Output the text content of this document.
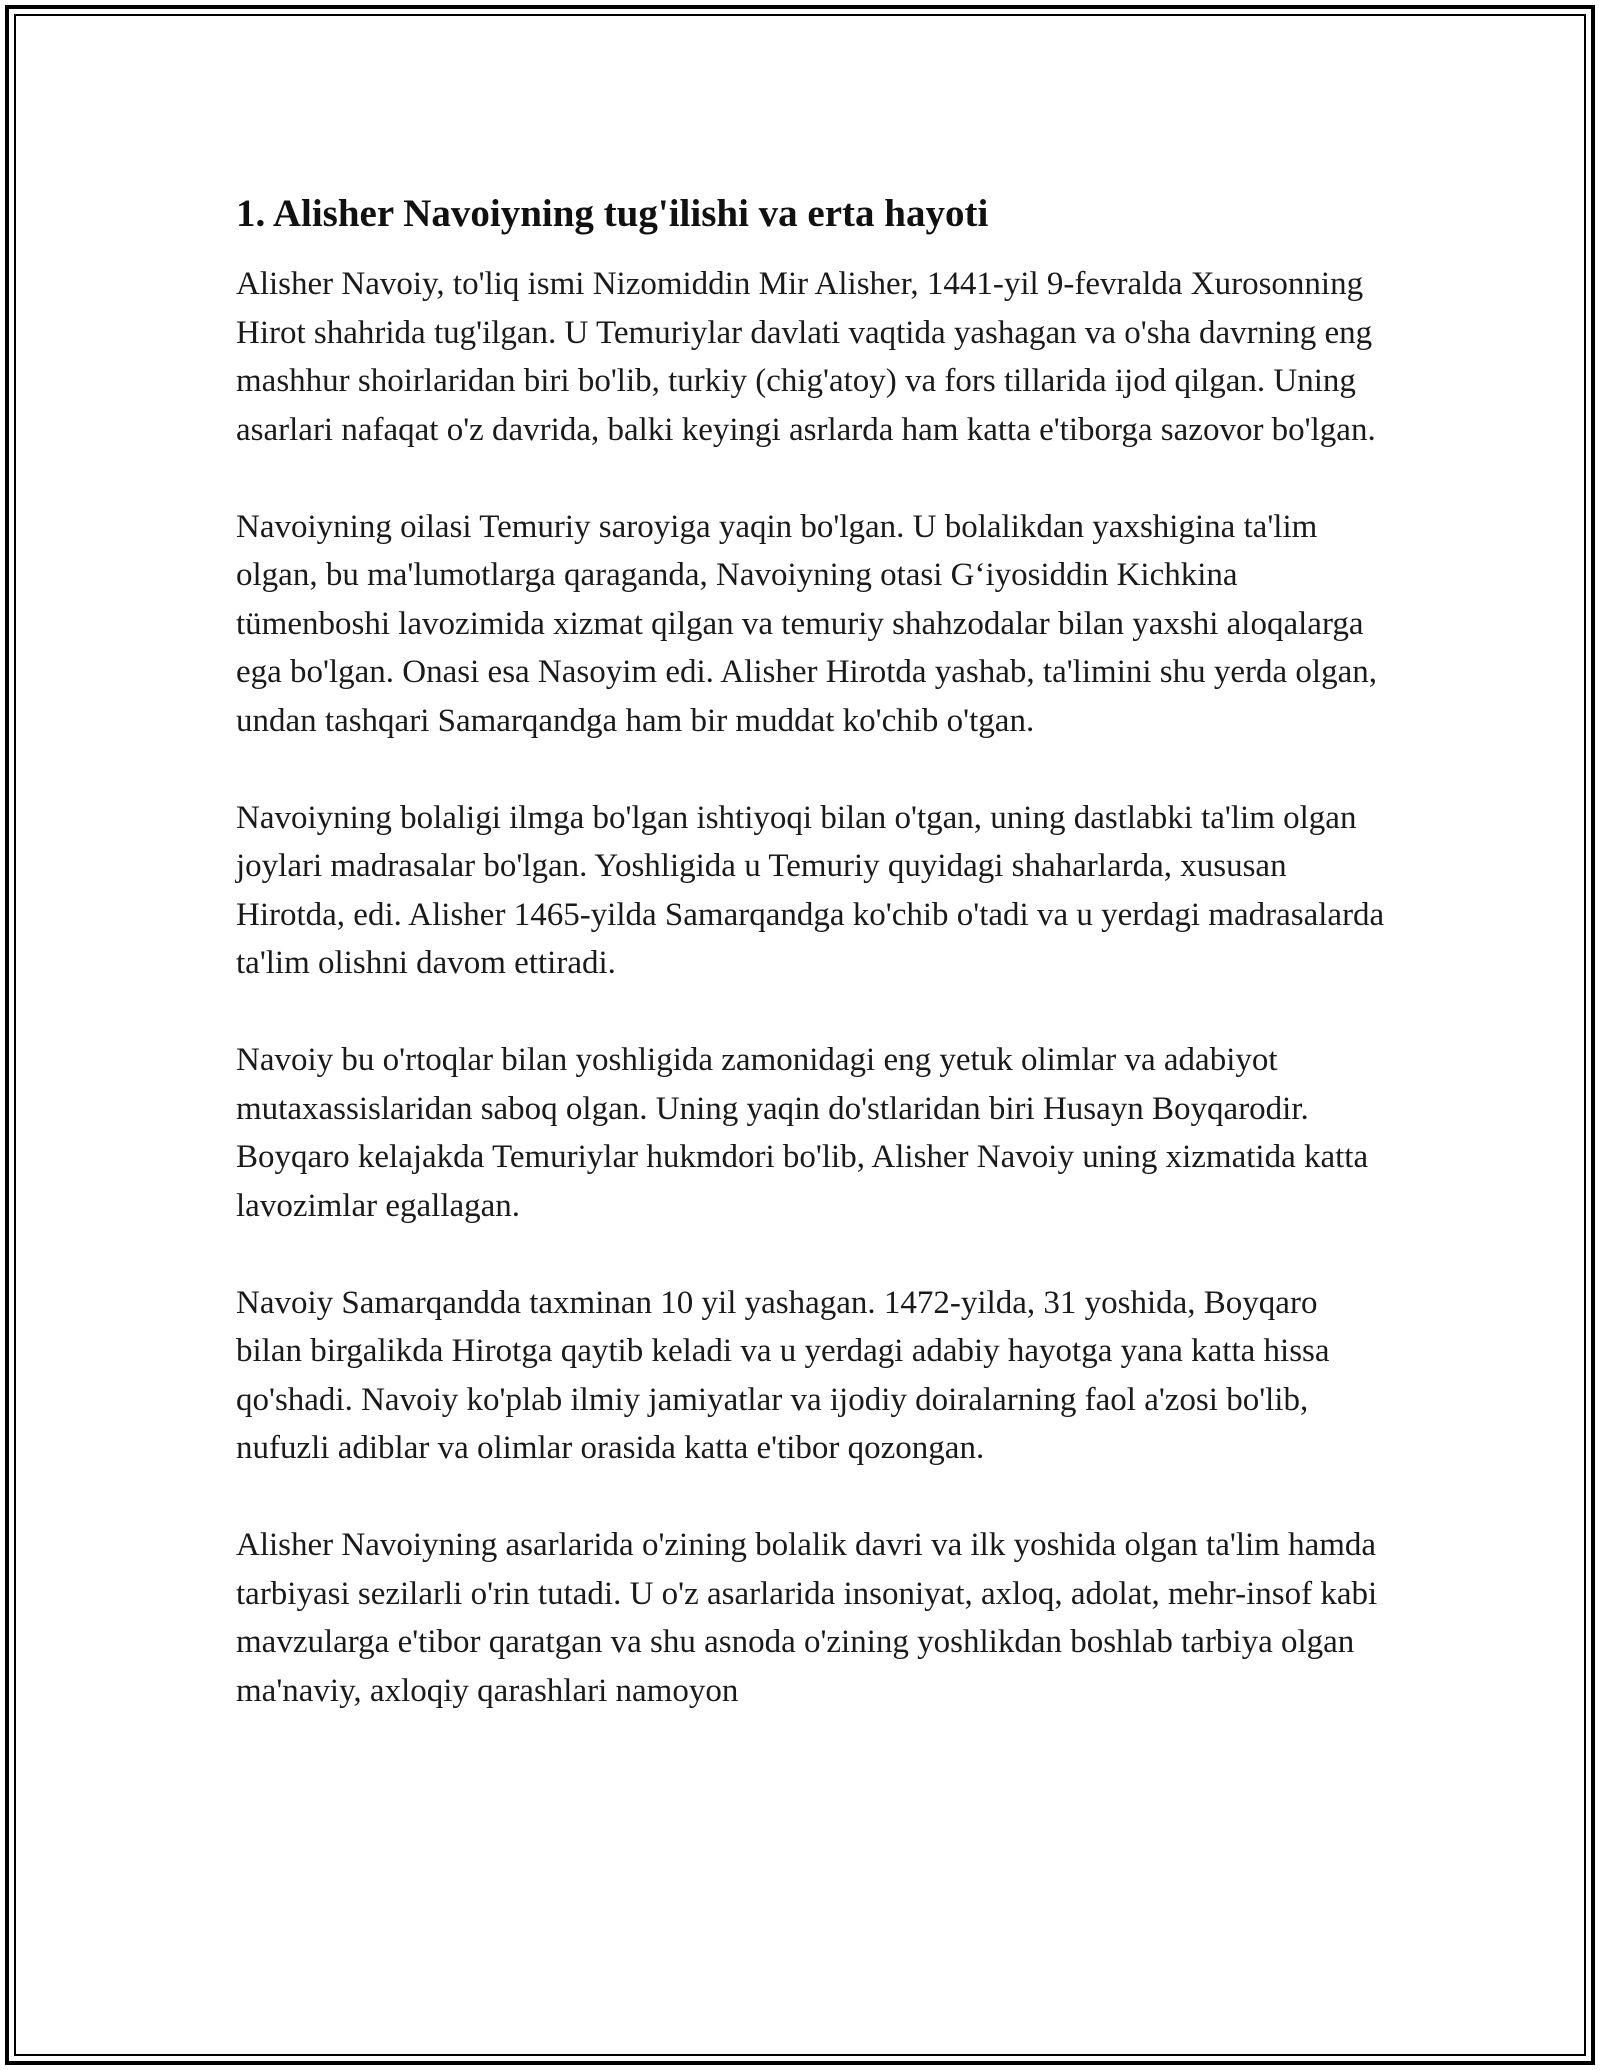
1. Alisher Navoiyning tug'ilishi va erta hayoti

Alisher Navoiy, to'liq ismi Nizomiddin Mir Alisher, 1441-yil 9-fevralda Xurosonning Hirot shahrida tug'ilgan. U Temuriylar davlati vaqtida yashagan va o'sha davrning eng mashhur shoirlaridan biri bo'lib, turkiy (chig'atoy) va fors tillarida ijod qilgan. Uning asarlari nafaqat o'z davrida, balki keyingi asrlarda ham katta e'tiborga sazovor bo'lgan.

Navoiyning oilasi Temuriy saroyiga yaqin bo'lgan. U bolalikdan yaxshigina ta'lim olgan, bu ma'lumotlarga qaraganda, Navoiyning otasi G‘iyosiddin Kichkina tümenboshi lavozimida xizmat qilgan va temuriy shahzodalar bilan yaxshi aloqalarga ega bo'lgan. Onasi esa Nasoyim edi. Alisher Hirotda yashab, ta'limini shu yerda olgan, undan tashqari Samarqandga ham bir muddat ko'chib o'tgan.

Navoiyning bolaligi ilmga bo'lgan ishtiyoqi bilan o'tgan, uning dastlabki ta'lim olgan joylari madrasalar bo'lgan. Yoshligida u Temuriy quyidagi shaharlarda, xususan Hirotda, edi. Alisher 1465-yilda Samarqandga ko'chib o'tadi va u yerdagi madrasalarda ta'lim olishni davom ettiradi.

Navoiy bu o'rtoqlar bilan yoshligida zamonidagi eng yetuk olimlar va adabiyot mutaxassislaridan saboq olgan. Uning yaqin do'stlaridan biri Husayn Boyqarodir. Boyqaro kelajakda Temuriylar hukmdori bo'lib, Alisher Navoiy uning xizmatida katta lavozimlar egallagan.

Navoiy Samarqandda taxminan 10 yil yashagan. 1472-yilda, 31 yoshida, Boyqaro bilan birgalikda Hirotga qaytib keladi va u yerdagi adabiy hayotga yana katta hissa qo'shadi. Navoiy ko'plab ilmiy jamiyatlar va ijodiy doiralarning faol a'zosi bo'lib, nufuzli adiblar va olimlar orasida katta e'tibor qozongan.

Alisher Navoiyning asarlarida o'zining bolalik davri va ilk yoshida olgan ta'lim hamda tarbiyasi sezilarli o'rin tutadi. U o'z asarlarida insoniyat, axloq, adolat, mehr-insof kabi mavzularga e'tibor qaratgan va shu asnoda o'zining yoshlikdan boshlab tarbiya olgan ma'naviy, axloqiy qarashlari namoyon
